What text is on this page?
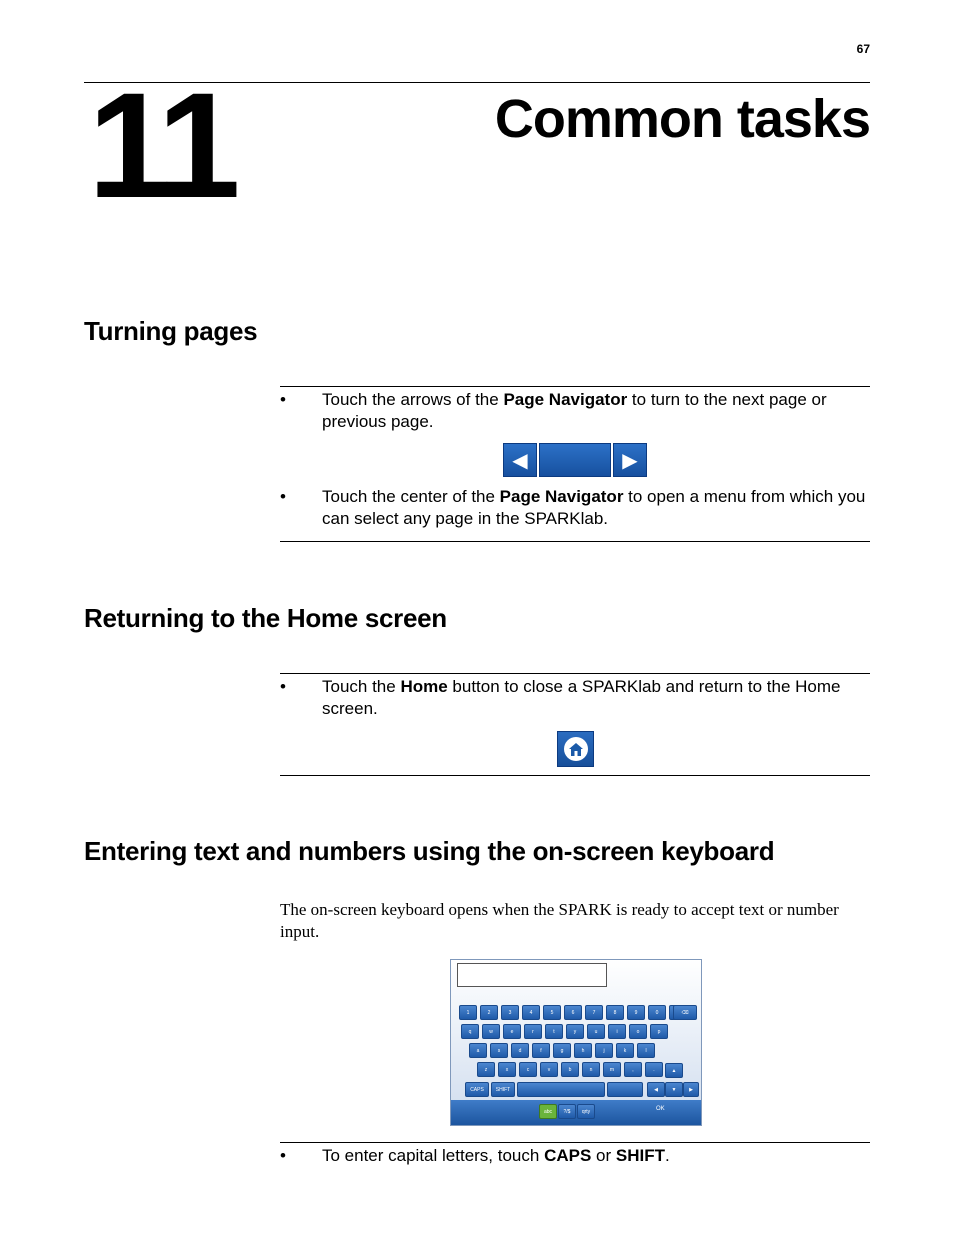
67
11	Common tasks
Turning pages
•	Touch the arrows of the Page Navigator to turn to the next page or previous page.
◀	▶
•	Touch the center of the Page Navigator to open a menu from which you can select any page in the SPARKlab.
Returning to the Home screen
•	Touch the Home button to close a SPARKlab and return to the Home screen.
Entering text and numbers using the on-screen keyboard
The on-screen keyboard opens when the SPARK is ready to accept text or number input.
1	2	3	4	5	6	7	8	9	0	⌫
q	w	e	r	t	y	u	i	o	p
a	s	d	f	g	h	j	k	l
z	x	c	v	b	n	m	,	.	▲
CAPS	SHIFT	◀	▼	▶
abc	?/$	qrty	OK
•	To enter capital letters, touch CAPS or SHIFT.
